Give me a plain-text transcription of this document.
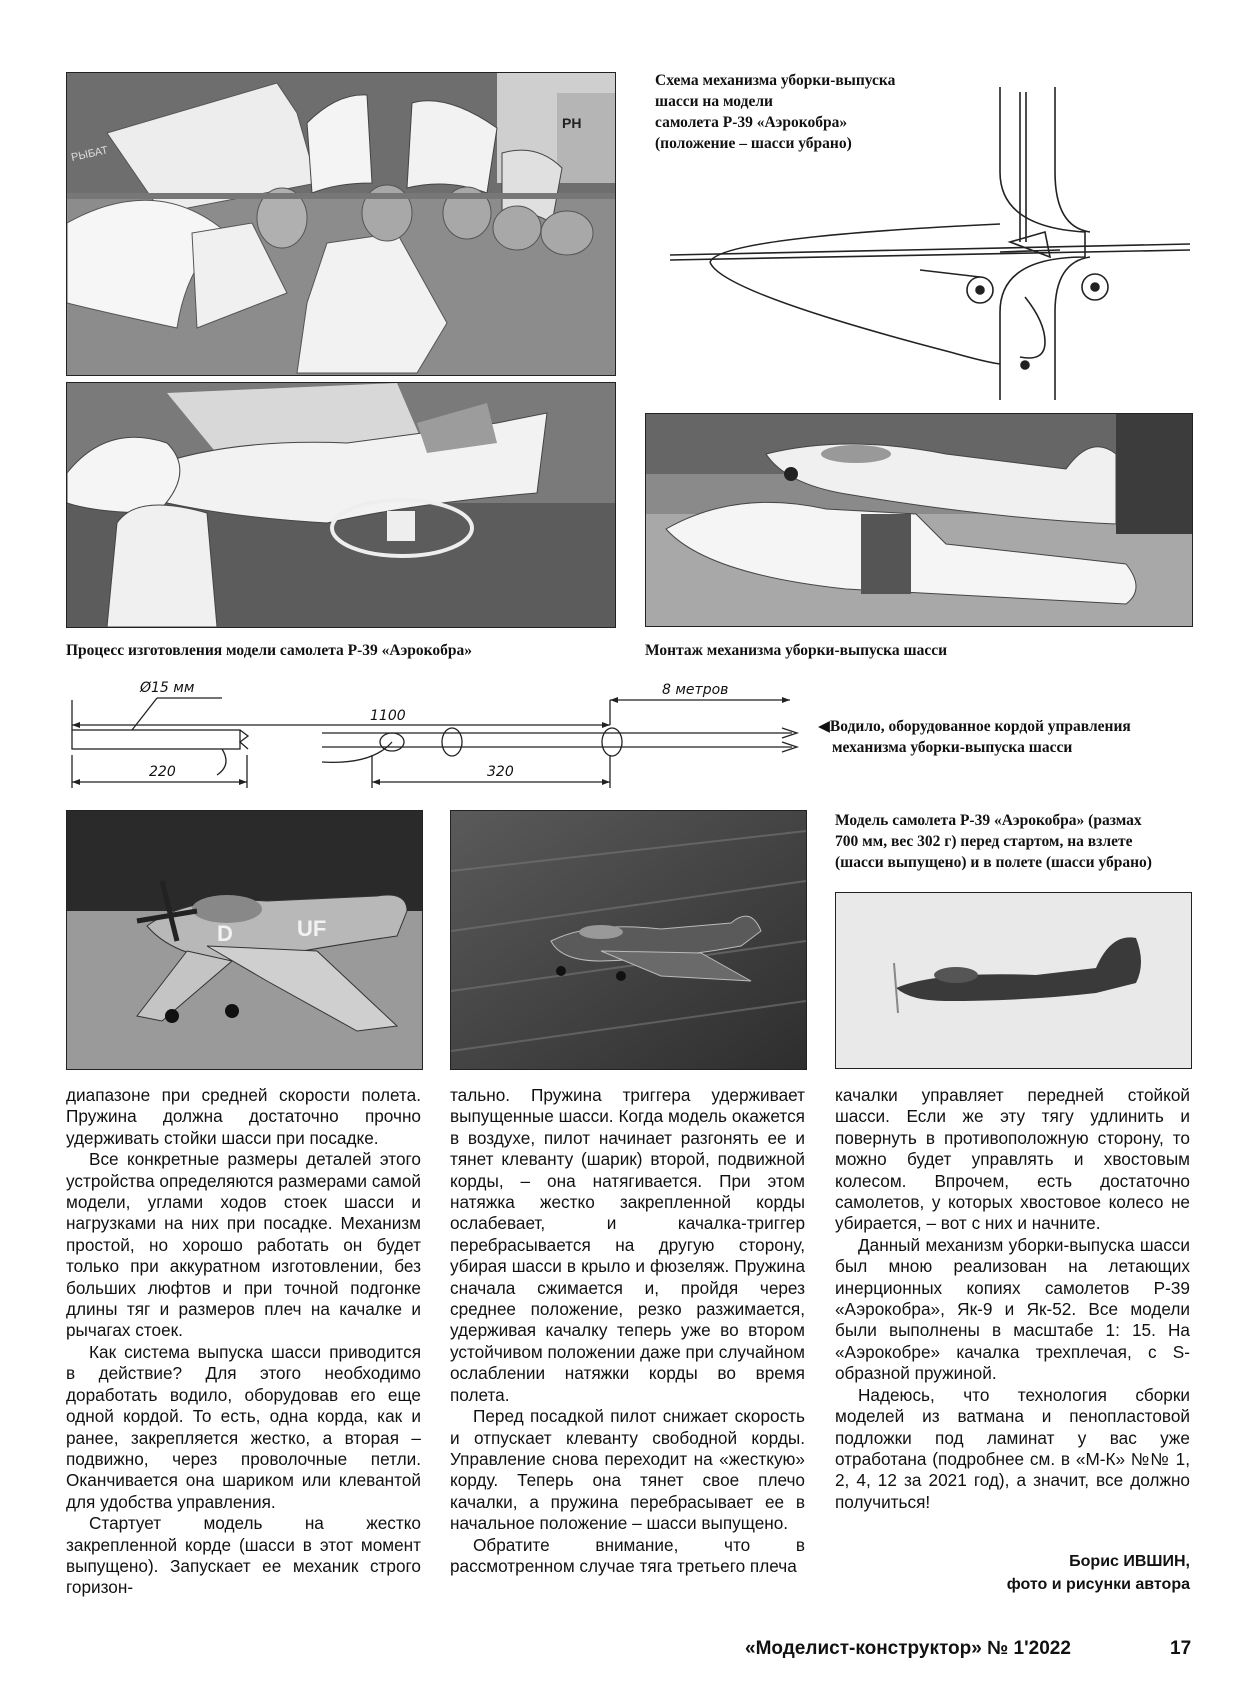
PH
РЫБАТ
Схема механизма уборки-выпуска
шасси на модели
самолета Р-39 «Аэрокобра»
(положение – шасси убрано)
Процесс изготовления модели самолета Р-39 «Аэрокобра»	Монтаж механизма уборки-выпуска шасси
Ø15 мм
1100
8 метров
220	320
◀Водило, оборудованное кордой управления
механизма уборки-выпуска шасси
UF
D
Модель самолета Р-39 «Аэрокобра» (размах
700 мм, вес 302 г) перед стартом, на взлете
(шасси выпущено) и в полете (шасси убрано)

диапазоне при средней скорости полета. Пружина должна достаточно прочно удерживать стойки шасси при посадке.

Все конкретные размеры деталей этого устройства определяются размерами самой модели, углами ходов стоек шасси и нагрузками на них при посадке. Механизм простой, но хорошо работать он будет только при аккуратном изготовлении, без больших люфтов и при точной подгонке длины тяг и размеров плеч на качалке и рычагах стоек.

Как система выпуска шасси приводится в действие? Для этого необходимо доработать водило, оборудовав его еще одной кордой. То есть, одна корда, как и ранее, закрепляется жестко, а вторая – подвижно, через проволочные петли. Оканчивается она шариком или клевантой для удобства управления.

Стартует модель на жестко закрепленной корде (шасси в этот момент выпущено). Запускает ее механик строго горизон-

тально. Пружина триггера удерживает выпущенные шасси. Когда модель окажется в воздухе, пилот начинает разгонять ее и тянет клеванту (шарик) второй, подвижной корды, – она натягивается. При этом натяжка жестко закрепленной корды ослабевает, и качалка-триггер перебрасывается на другую сторону, убирая шасси в крыло и фюзеляж. Пружина сначала сжимается и, пройдя через среднее положение, резко разжимается, удерживая качалку теперь уже во втором устойчивом положении даже при случайном ослаблении натяжки корды во время полета.

Перед посадкой пилот снижает скорость и отпускает клеванту свободной корды. Управление снова переходит на «жесткую» корду. Теперь она тянет свое плечо качалки, а пружина перебрасывает ее в начальное положение – шасси выпущено.

Обратите внимание, что в рассмотренном случае тяга третьего плеча

качалки управляет передней стойкой шасси. Если же эту тягу удлинить и повернуть в противоположную сторону, то можно будет управлять и хвостовым колесом. Впрочем, есть достаточно самолетов, у которых хвостовое колесо не убирается, – вот с них и начните.

Данный механизм уборки-выпуска шасси был мною реализован на летающих инерционных копиях самолетов Р-39 «Аэрокобра», Як-9 и Як-52. Все модели были выполнены в масштабе 1: 15. На «Аэрокобре» качалка трехплечая, с S-образной пружиной.

Надеюсь, что технология сборки моделей из ватмана и пенопластовой подложки под ламинат у вас уже отработана (подробнее см. в «М-К» №№ 1, 2, 4, 12 за 2021 год), а значит, все должно получиться!

Борис ИВШИН,
фото и рисунки автора
«Моделист-конструктор» № 1'2022	17
